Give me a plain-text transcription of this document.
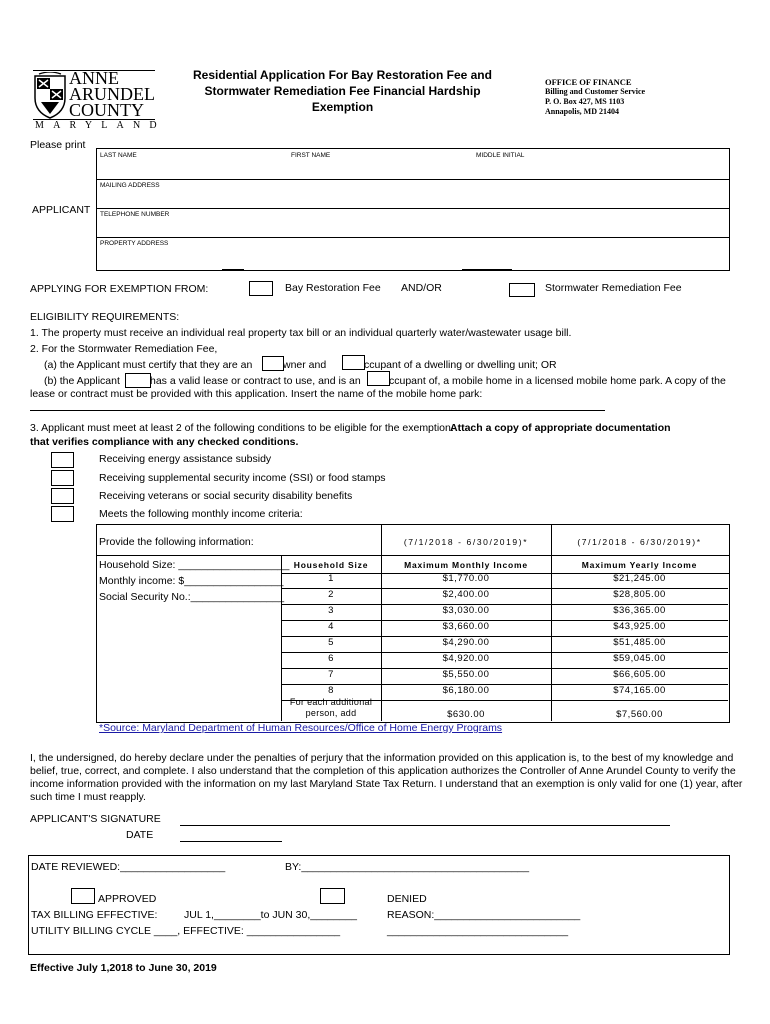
ANNE
ARUNDEL
COUNTY
MARYLAND
Residential Application For Bay Restoration Fee and
Stormwater Remediation Fee Financial Hardship
Exemption
OFFICE OF FINANCE
Billing and Customer Service
P. O. Box 427, MS 1103
Annapolis, MD 21404
Please print
APPLICANT
LAST NAME	FIRST NAME	MIDDLE INITIAL
MAILING ADDRESS
TELEPHONE NUMBER
PROPERTY ADDRESS
APPLYING FOR EXEMPTION FROM:	Bay Restoration Fee AND/OR	Stormwater Remediation Fee
ELIGIBILITY REQUIREMENTS:
1. The property must receive an individual real property tax bill or an individual quarterly water/wastewater usage bill.
2. For the Stormwater Remediation Fee,
(a) the Applicant must certify that they are an	wner and	ccupant of a dwelling or dwelling unit; OR
(b) the Applicant	has a valid lease or contract to use, and is an	ccupant of, a mobile home in a licensed mobile home park. A copy of the
lease or contract must be provided with this application. Insert the name of the mobile home park:
3. Applicant must meet at least 2 of the following conditions to be eligible for the exemption.
Attach a copy of appropriate documentation
that verifies compliance with any checked conditions.
Receiving energy assistance subsidy
Receiving supplemental security income (SSI) or food stamps
Receiving veterans or social security disability benefits
Meets the following monthly income criteria:
Provide the following information:	(7/1/2018 - 6/30/2019)*	(7/1/2018 - 6/30/2019)*
Household Size: ___________________
Monthly income: $_________________
Social Security No.:________________
Household Size	Maximum Monthly Income	Maximum Yearly Income
1	$1,770.00	$21,245.00
2	$2,400.00	$28,805.00
3	$3,030.00	$36,365.00
4	$3,660.00	$43,925.00
5	$4,290.00	$51,485.00
6	$4,920.00	$59,045.00
7	$5,550.00	$66,605.00
8	$6,180.00	$74,165.00
For each additional
person, add	$630.00	$7,560.00
*Source: Maryland Department of Human Resources/Office of Home Energy Programs
I, the undersigned, do hereby declare under the penalties of perjury that the information provided on this application is, to the best of my knowledge and
belief, true, correct, and complete. I also understand that the completion of this application authorizes the Controller of Anne Arundel County to verify the
income information provided with the information on my last Maryland State Tax Return. I understand that an exemption is only valid for one (1) year, after
such time I must reapply.
APPLICANT'S SIGNATURE
DATE
DATE REVIEWED:__________________	BY:_______________________________________
APPROVED	DENIED
TAX BILLING EFFECTIVE:	JUL 1,________to JUN 30,________	REASON:_________________________
UTILITY BILLING CYCLE ____, EFFECTIVE: ________________	_______________________________
Effective July 1,2018 to June 30, 2019
